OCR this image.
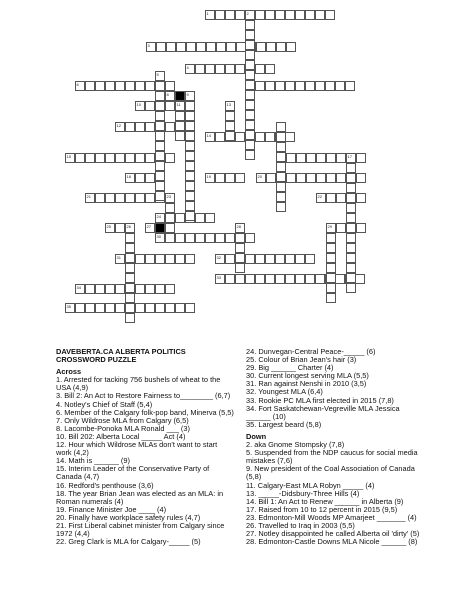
1	2
3
4
6
8	9
10
12
14
15	17
18	19	20
21	22
24
25	26	27	29
30
31	32
33
34
35
5
11	13
23
28
DAVEBERTA.CA ALBERTA POLITICS
CROSSWORD PUZZLE
Across
1. Arrested for tacking 756 bushels of wheat to the USA (4,9)
3. Bill 2: An Act to Restore Fairness to________ (6,7)
4. Notley's Chief of Staff (5,4)
6. Member of the Calgary folk-pop band, Minerva (5,5)
7. Only Wildrose MLA from Calgary (6,5)
8. Lacombe-Ponoka MLA Ronald ___ (3)
10. Bill 202: Alberta Local _____ Act (4)
12. Hour which Wildrose MLAs don't want to start work (4,2)
14. Math is ______ (9)
15. Interim Leader of the Conservative Party of Canada (4,7)
16. Redford's penthouse (3,6)
18. The year Brian Jean was elected as an MLA: in Roman numerals (4)
19. Finance Minister Joe ____ (4)
20. Finally have workplace safety rules (4,7)
21. First Liberal cabinet minister from Calgary since 1972 (4,4)
22. Greg Clark is MLA for Calgary-_____ (5)
24. Dunvegan-Central Peace-_____ (6)
25. Colour of Brian Jean's hair (3)
29. Big ______ Charter (4)
30. Current longest serving MLA (5,5)
31. Ran against Nenshi in 2010 (3,5)
32. Youngest MLA (6,4)
33. Rookie PC MLA first elected in 2015 (7,8)
34. Fort Saskatchewan-Vegreville MLA Jessica ______ (10)
35. Largest beard (5,8)
Down
2. aka Gnome Stompsky (7,8)
5. Suspended from the NDP caucus for social media mistakes (7,6)
9. New president of the Coal Association of Canada (5,8)
11. Calgary-East MLA Robyn _____ (4)
13. _____-Didsbury-Three Hills (4)
14. Bill 1: An Act to Renew ______ in Alberta (9)
17. Raised from 10 to 12 percent in 2015 (9,5)
23. Edmonton-Mill Woods MP Amarjeet _______ (4)
26. Travelled to Iraq in 2003 (5,5)
27. Notley disappointed he called Alberta oil 'dirty' (5)
28. Edmonton-Castle Downs MLA Nicole ______ (8)
